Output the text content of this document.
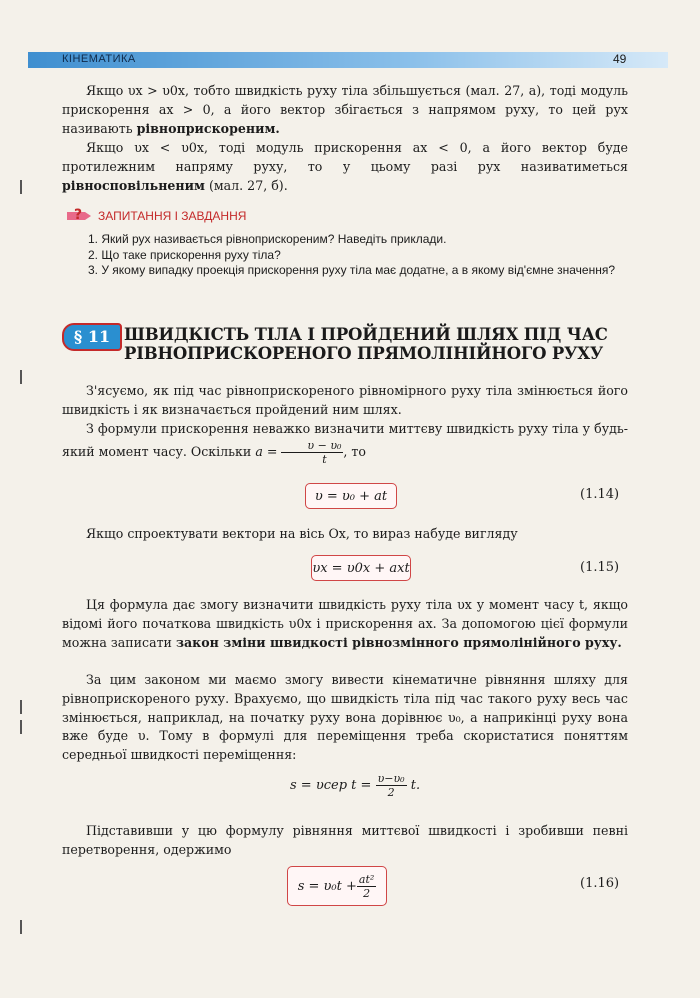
КІНЕМАТИКА	49
Якщо υx > υ0x, тобто швидкість руху тіла збільшується (мал. 27, а), тоді модуль прискорення ax > 0, а його вектор збігається з напрямом руху, то цей рух називають рівноприскореним.
Якщо υx < υ0x, тоді модуль прискорення ax < 0, а його вектор буде протилежним напряму руху, то у цьому разі рух називатиметься рівносповільненим (мал. 27, б).
? ЗАПИТАННЯ І ЗАВДАННЯ
1. Який рух називається рівноприскореним? Наведіть приклади.
2. Що таке прискорення руху тіла?
3. У якому випадку проекція прискорення руху тіла має додатне, а в якому від'ємне значення?
§ 11 ШВИДКІСТЬ ТІЛА І ПРОЙДЕНИЙ ШЛЯХ ПІД ЧАС РІВНОПРИСКОРЕНОГО ПРЯМОЛІНІЙНОГО РУХУ
З'ясуємо, як під час рівноприскореного рівномірного руху тіла змінюється його швидкість і як визначається пройдений ним шлях.
З формули прискорення неважко визначити миттєву швидкість руху тіла у будь-який момент часу. Оскільки $a = \frac{\text{υ − υ₀}}{t}$ , то
υ = υ₀ + at	(1.14)
Якщо спроектувати вектори на вісь Ox, то вираз набуде вигляду
υx = υ0x + axt	(1.15)
Ця формула дає змогу визначити швидкість руху тіла υx у момент часу t, якщо відомі його початкова швидкість υ0x і прискорення ax. За допомогою цієї формули можна записати закон зміни швидкості рівнозмінного прямолінійного руху.
За цим законом ми маємо змогу вивести кінематичне рівняння шляху для рівноприскореного руху. Врахуємо, що швидкість тіла під час такого руху весь час змінюється, наприклад, на початку руху вона дорівнює υ₀, а наприкінці руху вона вже буде υ. Тому в формулі для переміщення треба скористатися поняттям середньої швидкості переміщення:
s = υсер $t = \frac{\text{υ−υ₀}}{2} t$.
Підставивши у цю формулу рівняння миттєвої швидкості і зробивши певні перетворення, одержимо
$s = \upsilon_0t + \frac{\text{at²}}{2}$	(1.16)
